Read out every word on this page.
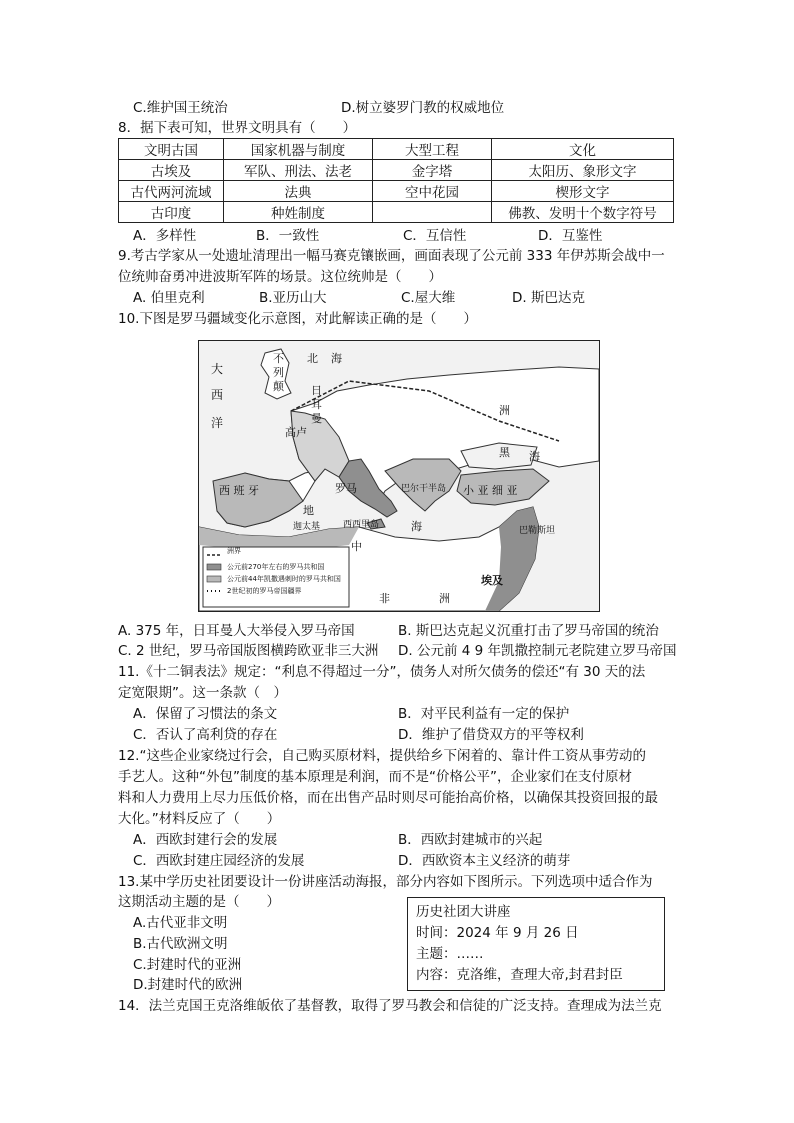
C.维护国王统治	D.树立婆罗门教的权威地位
8．据下表可知，世界文明具有（　　）
文明古国	国家机器与制度	大型工程	文化
古埃及	军队、刑法、法老	金字塔	太阳历、象形文字
古代两河流域	法典	空中花园	楔形文字
古印度	种姓制度		佛教、发明十个数字符号
A．多样性	B．一致性	C．互信性	D．互鉴性
9.考古学家从一处遗址清理出一幅马赛克镶嵌画，画面表现了公元前 333 年伊苏斯会战中一
位统帅奋勇冲进波斯军阵的场景。这位统帅是（　　）
A. 伯里克利	B.亚历山大	C.屋大维	D. 斯巴达克
10.下图是罗马疆域变化示意图，对此解读正确的是（　　）
大
西
洋
不
列
颠
北 海
高卢
日
耳
曼
洲
黑 海
西 班 牙	罗马
地
中
海
巴尔干半岛 小 亚 细 亚
西西里岛
迦太基	巴勒斯坦
非	洲
埃及
洲界
公元前270年左右的罗马共和国
公元前44年凯撒遇刺时的罗马共和国
2世纪初的罗马帝国疆界
A. 375 年，日耳曼人大举侵入罗马帝国	B. 斯巴达克起义沉重打击了罗马帝国的统治
C. 2 世纪，罗马帝国版图横跨欧亚非三大洲 D. 公元前 4 9 年凯撒控制元老院建立罗马帝国
11.《十二铜表法》规定：“利息不得超过一分”，债务人对所欠债务的偿还“有 30 天的法
定宽限期”。这一条款（　）
A．保留了习惯法的条文	B．对平民利益有一定的保护
C．否认了高利贷的存在	D．维护了借贷双方的平等权利
12.“这些企业家绕过行会，自己购买原材料，提供给乡下闲着的、靠计件工资从事劳动的
手艺人。这种“外包”制度的基本原理是利润，而不是“价格公平”，企业家们在支付原材
料和人力费用上尽力压低价格，而在出售产品时则尽可能抬高价格，以确保其投资回报的最
大化。”材料反应了（　　）
A．西欧封建行会的发展	B．西欧封建城市的兴起
C．西欧封建庄园经济的发展	D．西欧资本主义经济的萌芽
13.某中学历史社团要设计一份讲座活动海报，部分内容如下图所示。下列选项中适合作为
这期活动主题的是（　　）
A.古代亚非文明
B.古代欧洲文明
C.封建时代的亚洲
D.封建时代的欧洲
历史社团大讲座
时间：2024 年 9 月 26 日
主题：……
内容：克洛维，查理大帝,封君封臣
14．法兰克国王克洛维皈依了基督教，取得了罗马教会和信徒的广泛支持。查理成为法兰克
